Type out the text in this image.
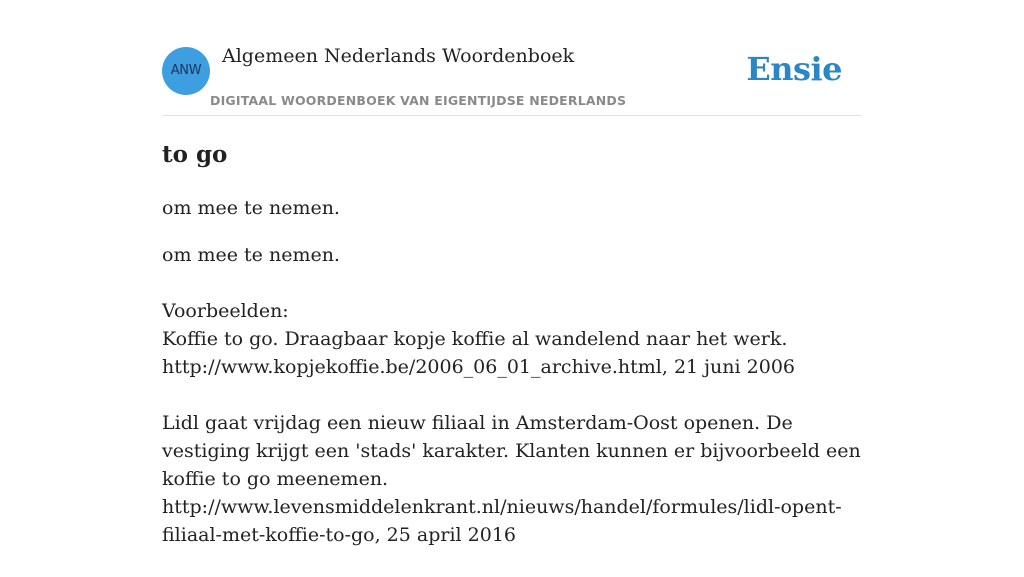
ANW
Algemeen Nederlands Woordenboek
DIGITAAL WOORDENBOEK VAN EIGENTIJDSE NEDERLANDS
Ensie
to go

om mee te nemen.

om mee te nemen.

Voorbeelden:

Koffie to go. Draagbaar kopje koffie al wandelend naar het werk.
http://www.kopjekoffie.be/2006_06_01_archive.html, 21 juni 2006
Lidl gaat vrijdag een nieuw filiaal in Amsterdam-Oost openen. De vestiging krijgt een 'stads' karakter. Klanten kunnen er bijvoorbeeld een koffie to go meenemen.
http://www.levensmiddelenkrant.nl/nieuws/handel/formules/lidl-opent-filiaal-met-koffie-to-go, 25 april 2016
